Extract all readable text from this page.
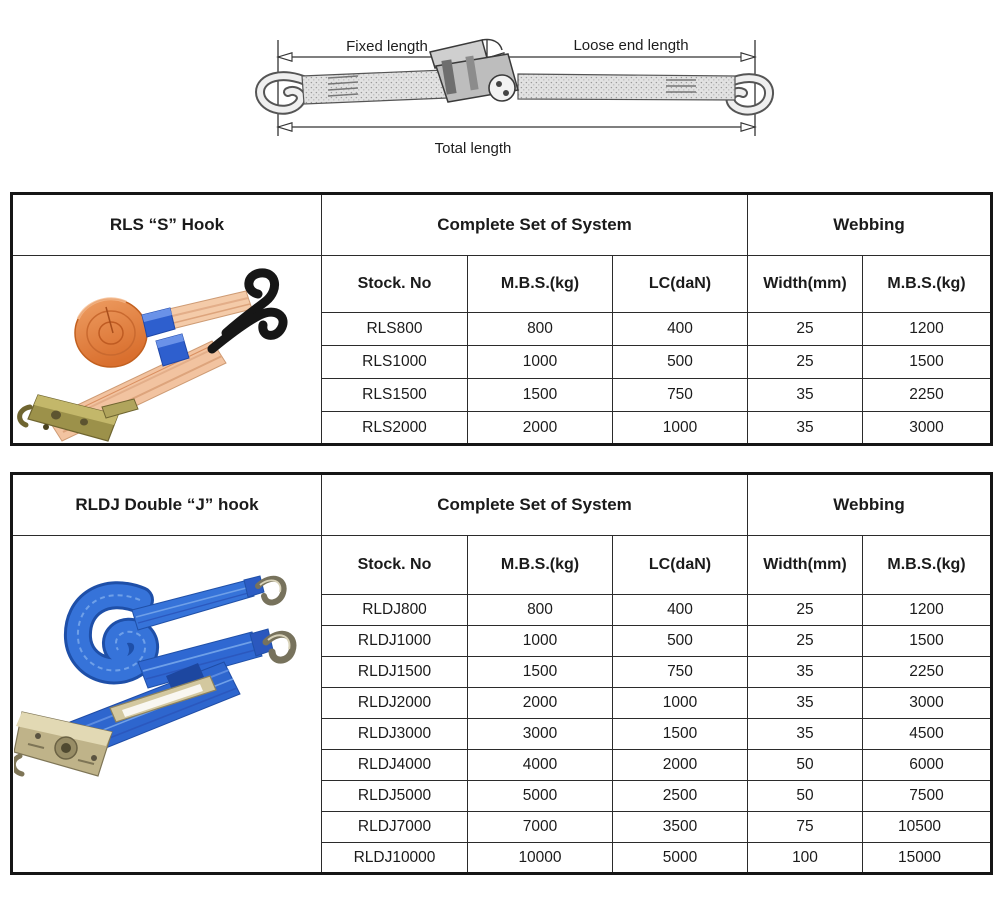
Fixed length	Loose end length
Total length
RLS “S” Hook	Complete Set of System			Webbing	

	Stock. No	M.B.S.(kg)	LC(daN)	Width(mm)	M.B.S.(kg)
	RLS800	800	400	25	1200
	RLS1000	1000	500	25	1500
	RLS1500	1500	750	35	2250
	RLS2000	2000	1000	35	3000
RLDJ Double “J” hook	Complete Set of System			Webbing	

	Stock. No	M.B.S.(kg)	LC(daN)	Width(mm)	M.B.S.(kg)
	RLDJ800	800	400	25	1200
	RLDJ1000	1000	500	25	1500
	RLDJ1500	1500	750	35	2250
	RLDJ2000	2000	1000	35	3000
	RLDJ3000	3000	1500	35	4500
	RLDJ4000	4000	2000	50	6000
	RLDJ5000	5000	2500	50	7500
	RLDJ7000	7000	3500	75	10500
	RLDJ10000	10000	5000	100	15000
